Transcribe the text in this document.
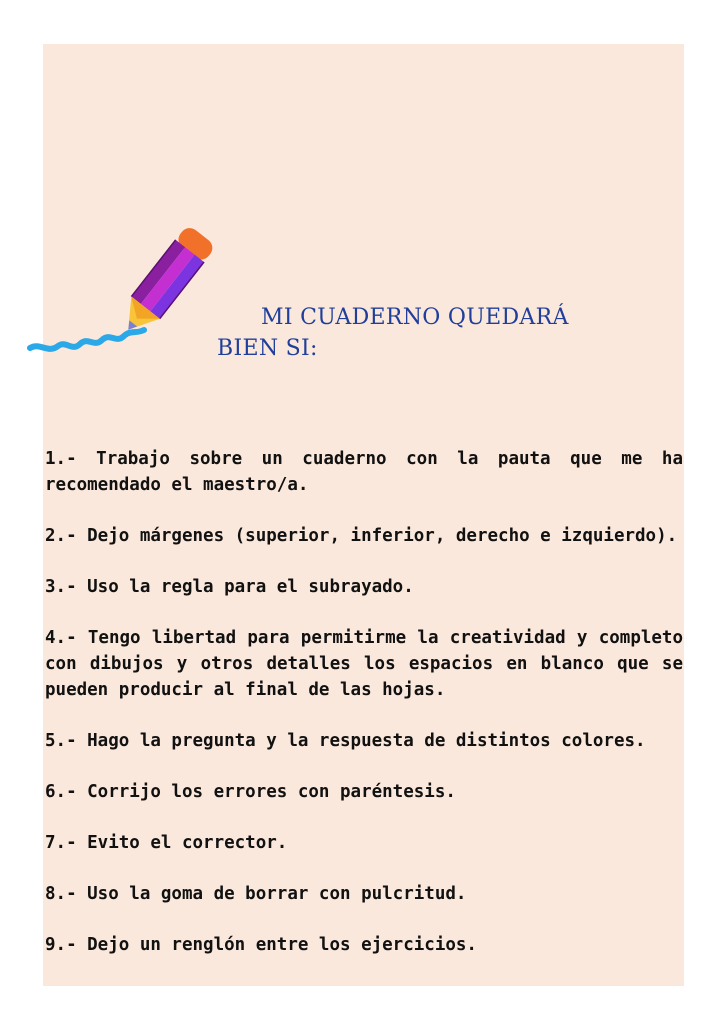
MI CUADERNO QUEDARÁ
BIEN SI:
1.- Trabajo sobre un cuaderno con la pauta que me ha recomendado el maestro/a.
2.- Dejo márgenes (superior, inferior, derecho e izquierdo).
3.- Uso la regla para el subrayado.
4.- Tengo libertad para permitirme la creatividad y completo con dibujos y otros detalles los espacios en blanco que se pueden producir al final de las hojas.
5.- Hago la pregunta y la respuesta de distintos colores.
6.- Corrijo los errores con paréntesis.
7.- Evito el corrector.
8.- Uso la goma de borrar con pulcritud.
9.- Dejo un renglón entre los ejercicios.
